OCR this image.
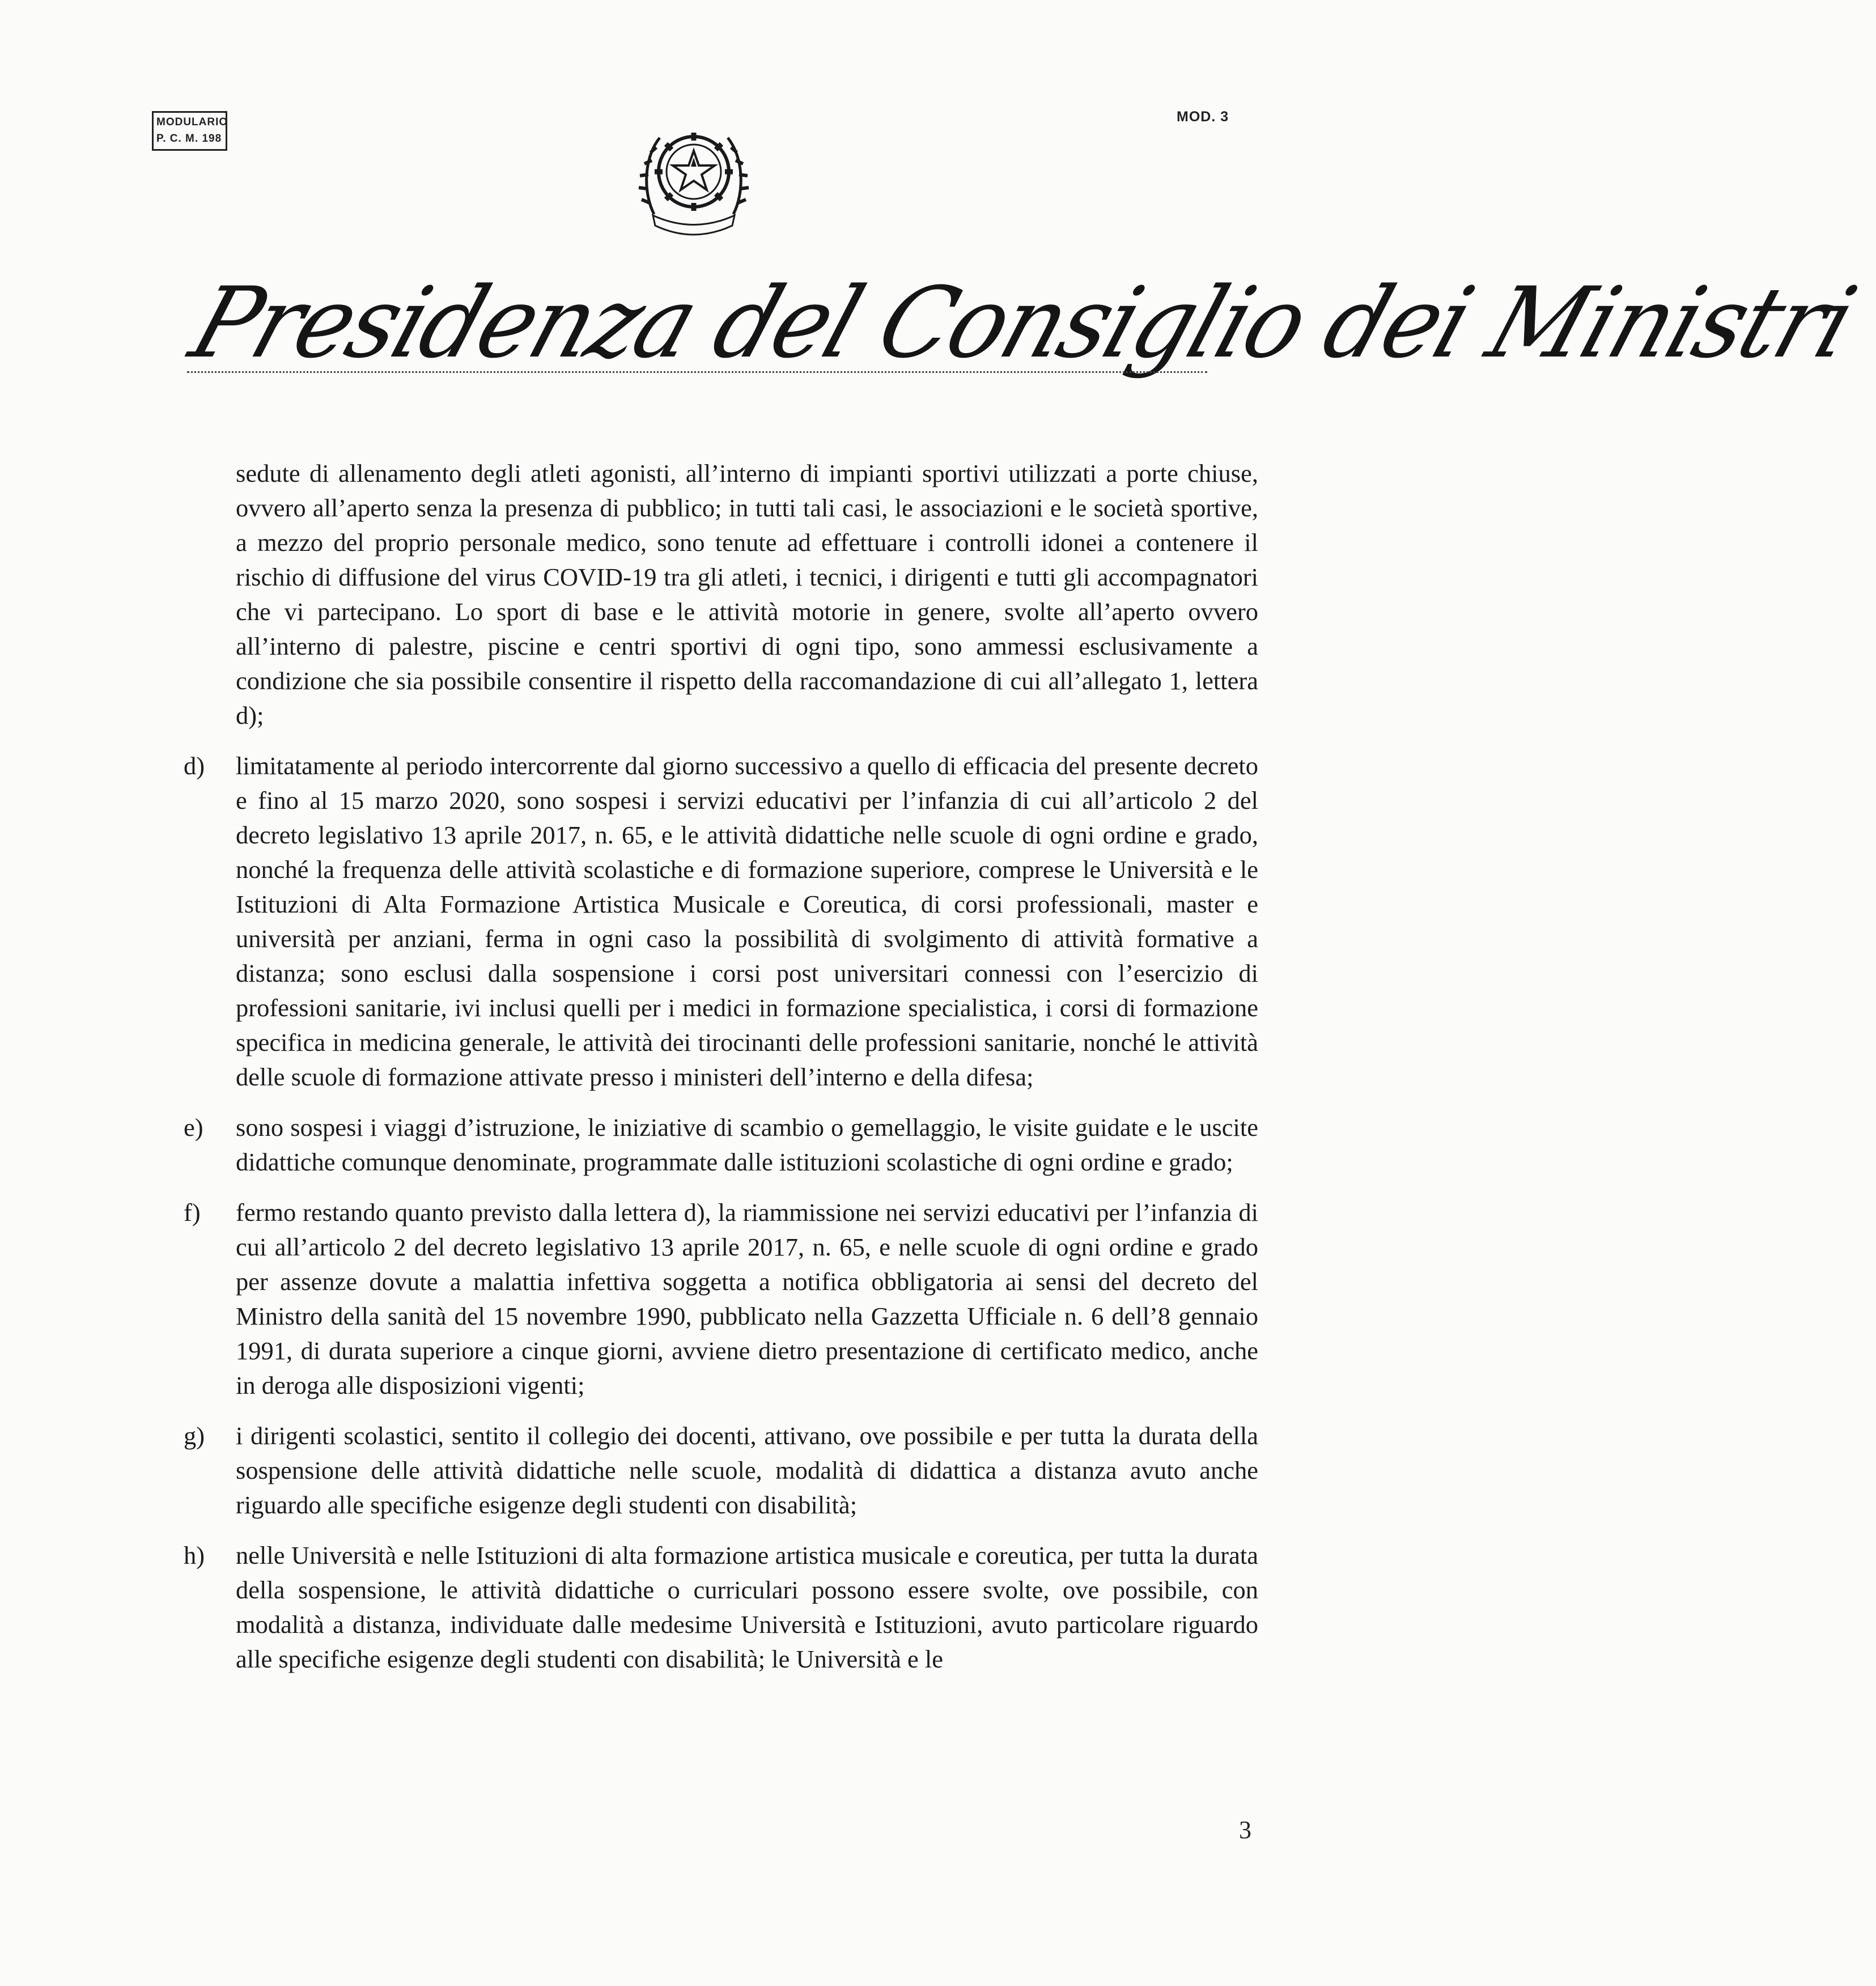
MODULARIO
P. C. M. 198
MOD. 3
Presidenza del Consiglio dei Ministri

sedute di allenamento degli atleti agonisti, all’interno di impianti sportivi utilizzati a porte chiuse, ovvero all’aperto senza la presenza di pubblico; in tutti tali casi, le associazioni e le società sportive, a mezzo del proprio personale medico, sono tenute ad effettuare i controlli idonei a contenere il rischio di diffusione del virus COVID-19 tra gli atleti, i tecnici, i dirigenti e tutti gli accompagnatori che vi partecipano. Lo sport di base e le attività motorie in genere, svolte all’aperto ovvero all’interno di palestre, piscine e centri sportivi di ogni tipo, sono ammessi esclusivamente a condizione che sia possibile consentire il rispetto della raccomandazione di cui all’allegato 1, lettera d);

d) limitatamente al periodo intercorrente dal giorno successivo a quello di efficacia del presente decreto e fino al 15 marzo 2020, sono sospesi i servizi educativi per l’infanzia di cui all’articolo 2 del decreto legislativo 13 aprile 2017, n. 65, e le attività didattiche nelle scuole di ogni ordine e grado, nonché la frequenza delle attività scolastiche e di formazione superiore, comprese le Università e le Istituzioni di Alta Formazione Artistica Musicale e Coreutica, di corsi professionali, master e università per anziani, ferma in ogni caso la possibilità di svolgimento di attività formative a distanza; sono esclusi dalla sospensione i corsi post universitari connessi con l’esercizio di professioni sanitarie, ivi inclusi quelli per i medici in formazione specialistica, i corsi di formazione specifica in medicina generale, le attività dei tirocinanti delle professioni sanitarie, nonché le attività delle scuole di formazione attivate presso i ministeri dell’interno e della difesa;
e) sono sospesi i viaggi d’istruzione, le iniziative di scambio o gemellaggio, le visite guidate e le uscite didattiche comunque denominate, programmate dalle istituzioni scolastiche di ogni ordine e grado;
f) fermo restando quanto previsto dalla lettera d), la riammissione nei servizi educativi per l’infanzia di cui all’articolo 2 del decreto legislativo 13 aprile 2017, n. 65, e nelle scuole di ogni ordine e grado per assenze dovute a malattia infettiva soggetta a notifica obbligatoria ai sensi del decreto del Ministro della sanità del 15 novembre 1990, pubblicato nella Gazzetta Ufficiale n. 6 dell’8 gennaio 1991, di durata superiore a cinque giorni, avviene dietro presentazione di certificato medico, anche in deroga alle disposizioni vigenti;
g) i dirigenti scolastici, sentito il collegio dei docenti, attivano, ove possibile e per tutta la durata della sospensione delle attività didattiche nelle scuole, modalità di didattica a distanza avuto anche riguardo alle specifiche esigenze degli studenti con disabilità;
h) nelle Università e nelle Istituzioni di alta formazione artistica musicale e coreutica, per tutta la durata della sospensione, le attività didattiche o curriculari possono essere svolte, ove possibile, con modalità a distanza, individuate dalle medesime Università e Istituzioni, avuto particolare riguardo alle specifiche esigenze degli studenti con disabilità; le Università e le
3
